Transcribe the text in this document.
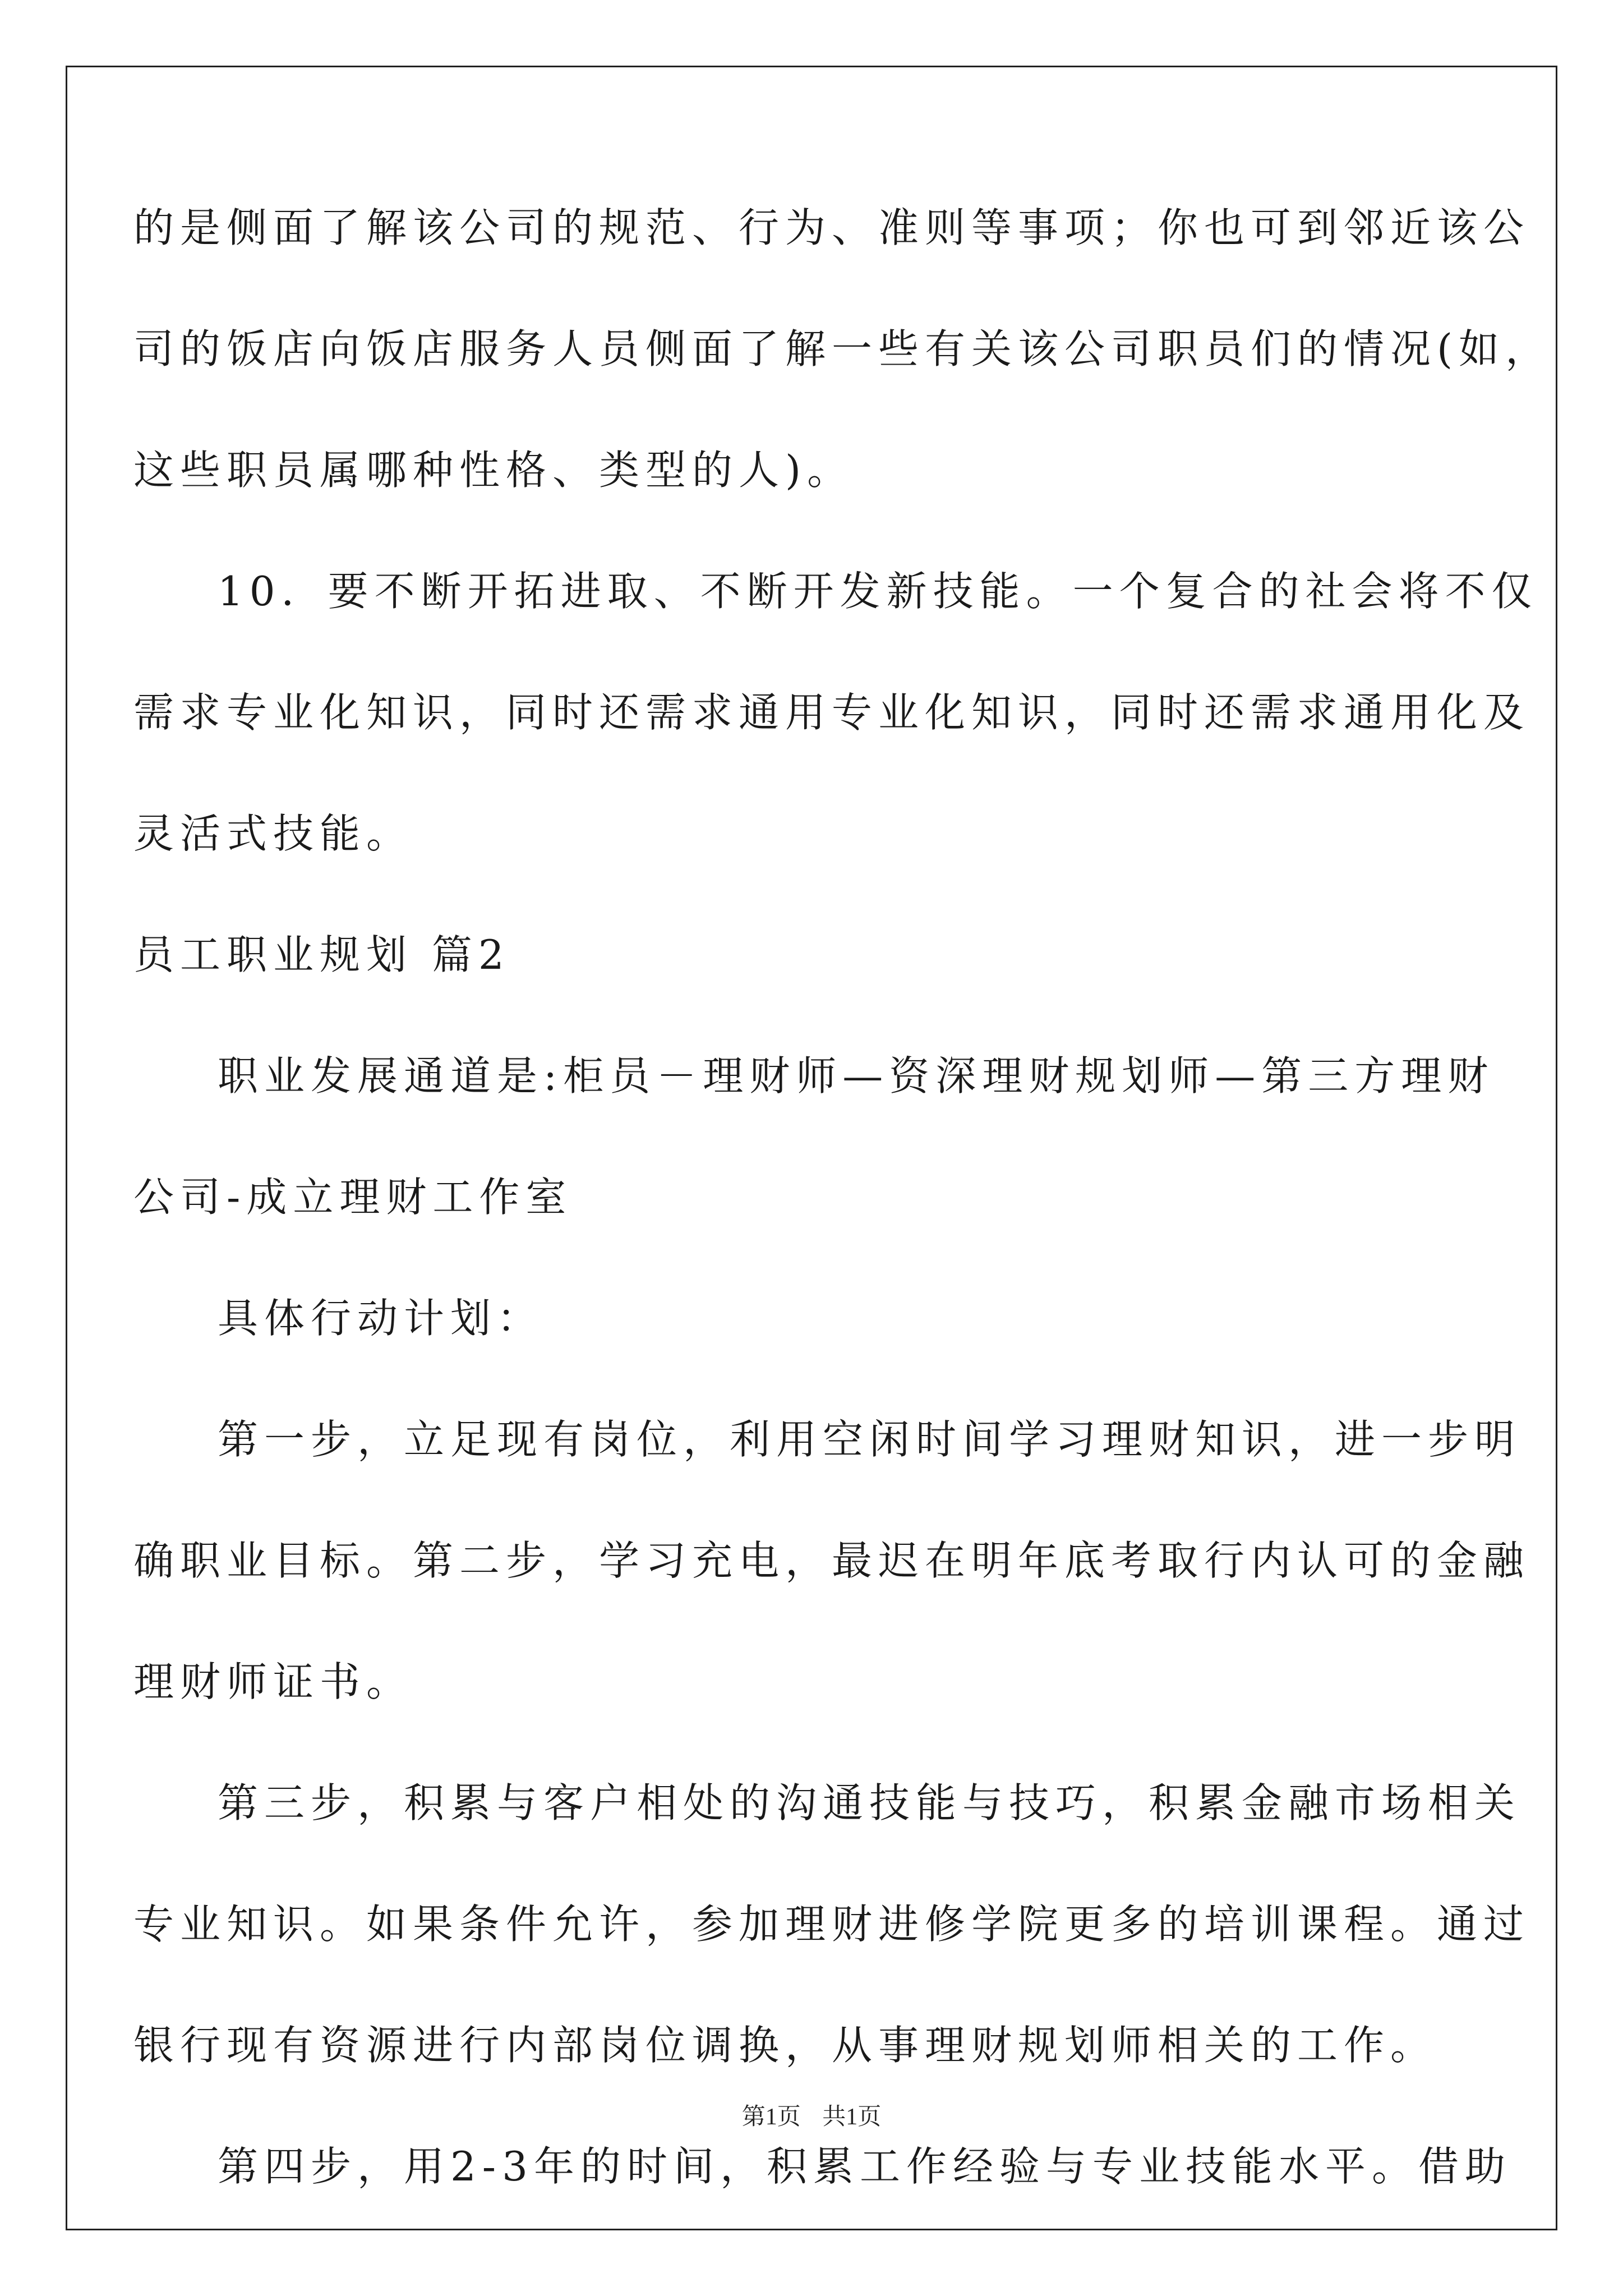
的是侧面了解该公司的规范、行为、准则等事项；你也可到邻近该公
司的饭店向饭店服务人员侧面了解一些有关该公司职员们的情况(如，
这些职员属哪种性格、类型的人)。
10．要不断开拓进取、不断开发新技能。一个复合的社会将不仅
需求专业化知识，同时还需求通用专业化知识，同时还需求通用化及
灵活式技能。
员工职业规划 篇2
职业发展通道是:柜员－理财师—资深理财规划师—第三方理财
公司-成立理财工作室
具体行动计划：
第一步，立足现有岗位，利用空闲时间学习理财知识，进一步明
确职业目标。第二步，学习充电，最迟在明年底考取行内认可的金融
理财师证书。
第三步，积累与客户相处的沟通技能与技巧，积累金融市场相关
专业知识。如果条件允许，参加理财进修学院更多的培训课程。通过
银行现有资源进行内部岗位调换，从事理财规划师相关的工作。
第四步，用2-3年的时间，积累工作经验与专业技能水平。借助
第1页 共1页
